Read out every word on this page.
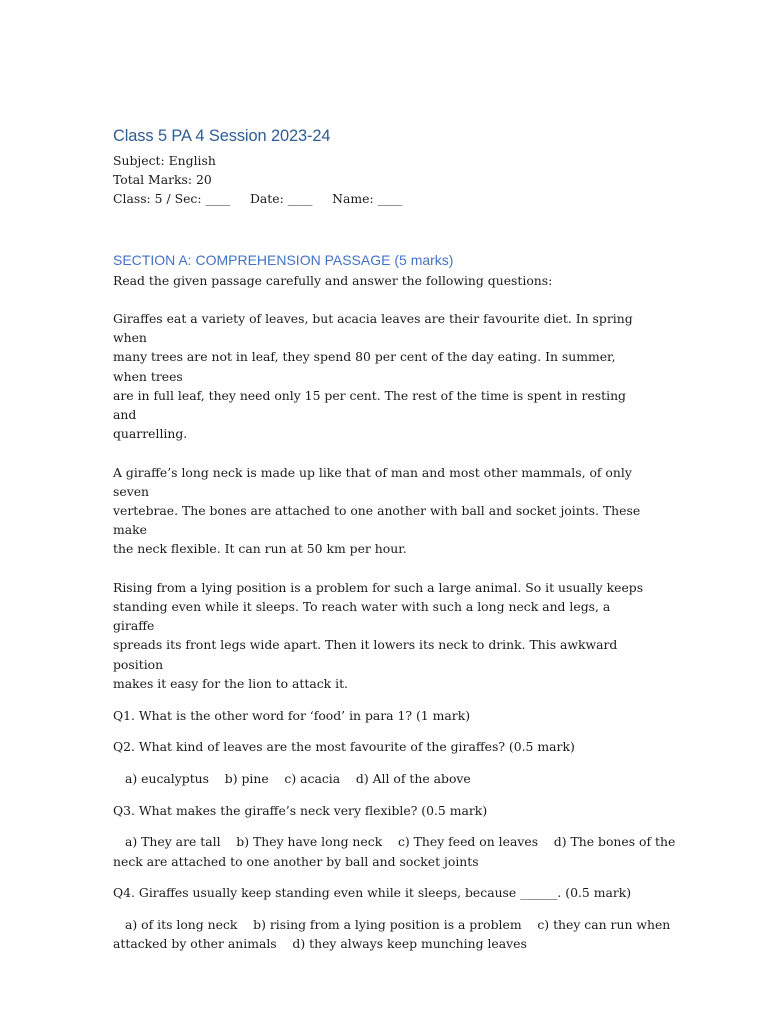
Class 5 PA 4 Session 2023-24

Subject: English

Total Marks: 20

Class: 5 / Sec: ____     Date: ____     Name: ____

SECTION A: COMPREHENSION PASSAGE (5 marks)

Read the given passage carefully and answer the following questions:

Giraffes eat a variety of leaves, but acacia leaves are their favourite diet. In spring when
many trees are not in leaf, they spend 80 per cent of the day eating. In summer, when trees
are in full leaf, they need only 15 per cent. The rest of the time is spent in resting and
quarrelling.
A giraffe’s long neck is made up like that of man and most other mammals, of only seven
vertebrae. The bones are attached to one another with ball and socket joints. These make
the neck flexible. It can run at 50 km per hour.
Rising from a lying position is a problem for such a large animal. So it usually keeps
standing even while it sleeps. To reach water with such a long neck and legs, a giraffe
spreads its front legs wide apart. Then it lowers its neck to drink. This awkward position
makes it easy for the lion to attack it.

Q1. What is the other word for ‘food’ in para 1? (1 mark)

Q2. What kind of leaves are the most favourite of the giraffes? (0.5 mark)

a) eucalyptus    b) pine    c) acacia    d) All of the above

Q3. What makes the giraffe’s neck very flexible? (0.5 mark)

a) They are tall    b) They have long neck    c) They feed on leaves    d) The bones of the
neck are attached to one another by ball and socket joints

Q4. Giraffes usually keep standing even while it sleeps, because ______. (0.5 mark)

a) of its long neck    b) rising from a lying position is a problem    c) they can run when
attacked by other animals    d) they always keep munching leaves
